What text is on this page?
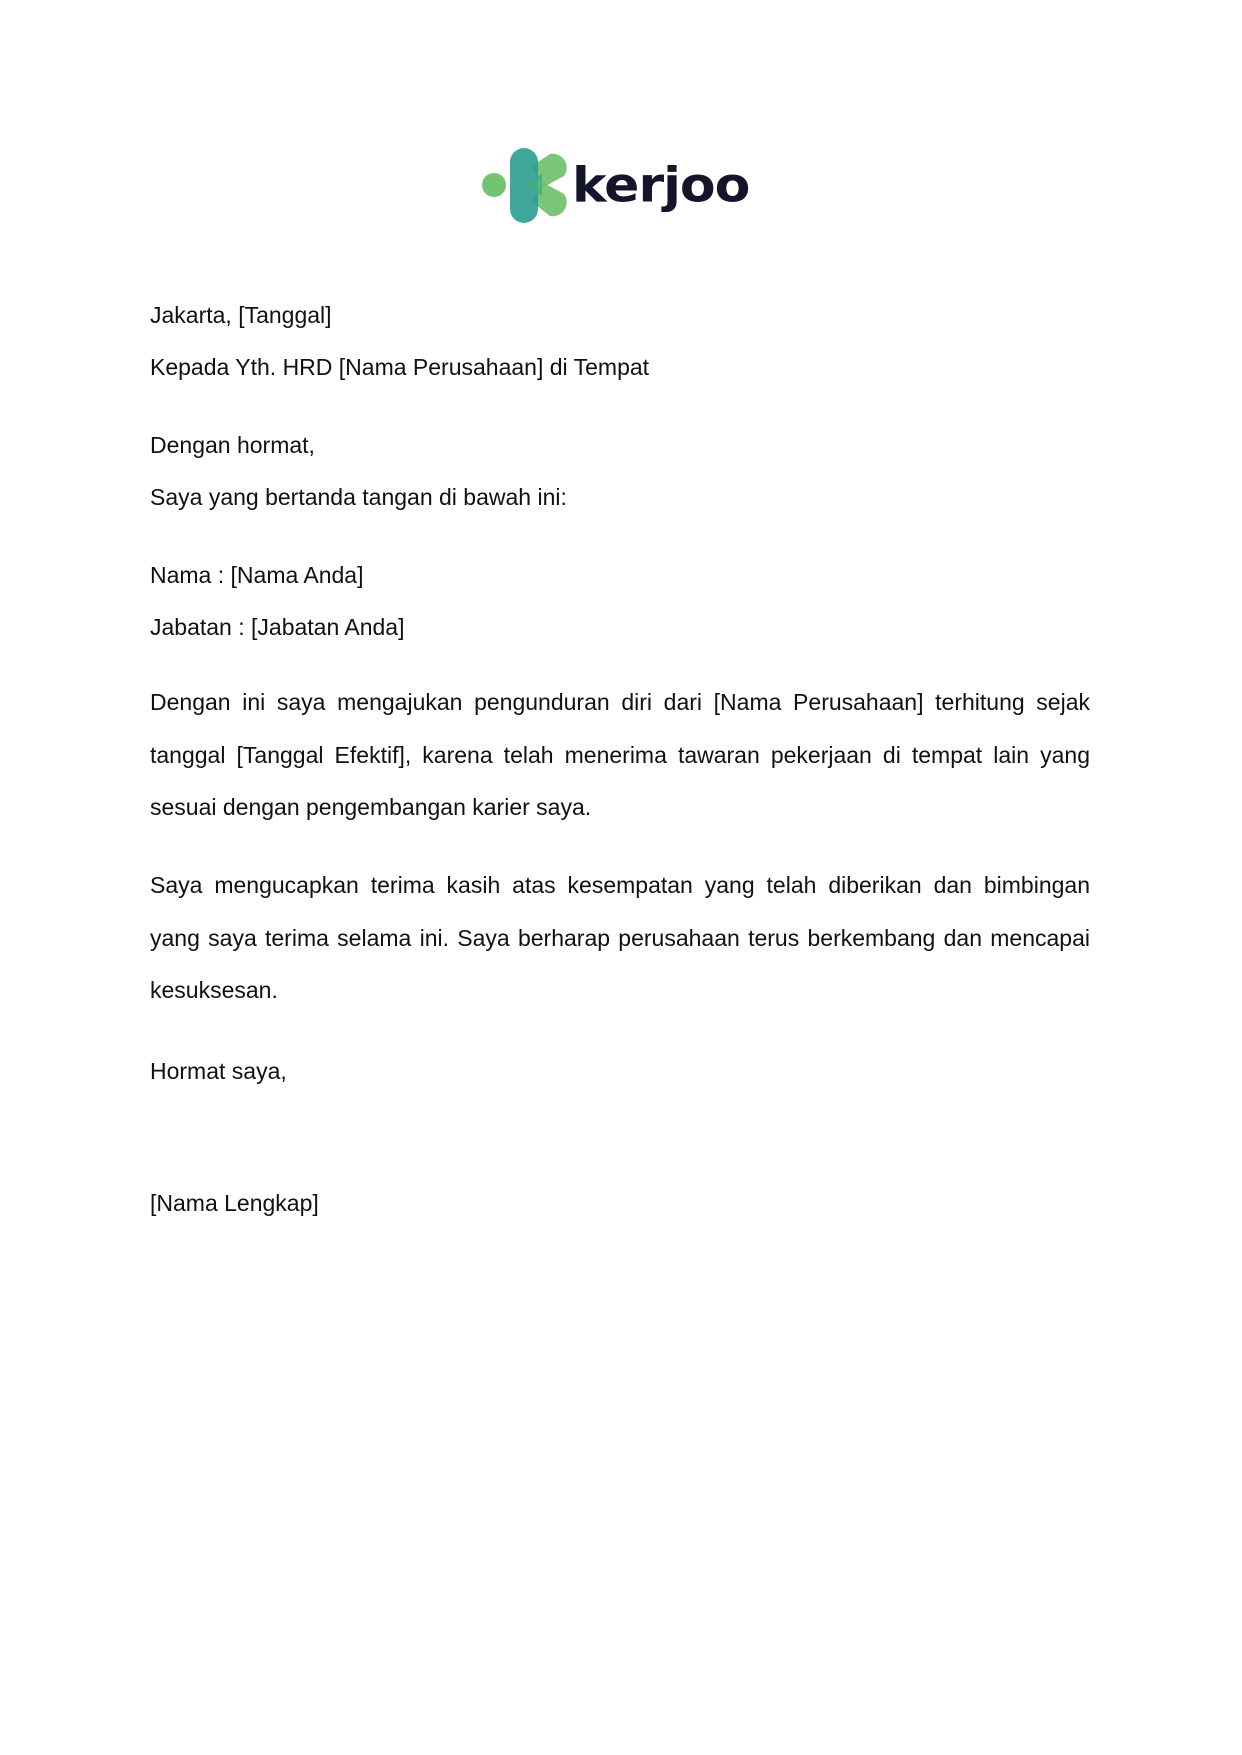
kerjoo

Jakarta, [Tanggal]

Kepada Yth. HRD [Nama Perusahaan] di Tempat

Dengan hormat,

Saya yang bertanda tangan di bawah ini:

Nama : [Nama Anda]

Jabatan : [Jabatan Anda]

Dengan ini saya mengajukan pengunduran diri dari [Nama Perusahaan] terhitung sejak tanggal [Tanggal Efektif], karena telah menerima tawaran pekerjaan di tempat lain yang sesuai dengan pengembangan karier saya.

Saya mengucapkan terima kasih atas kesempatan yang telah diberikan dan bimbingan yang saya terima selama ini. Saya berharap perusahaan terus berkembang dan mencapai kesuksesan.

Hormat saya,

[Nama Lengkap]
